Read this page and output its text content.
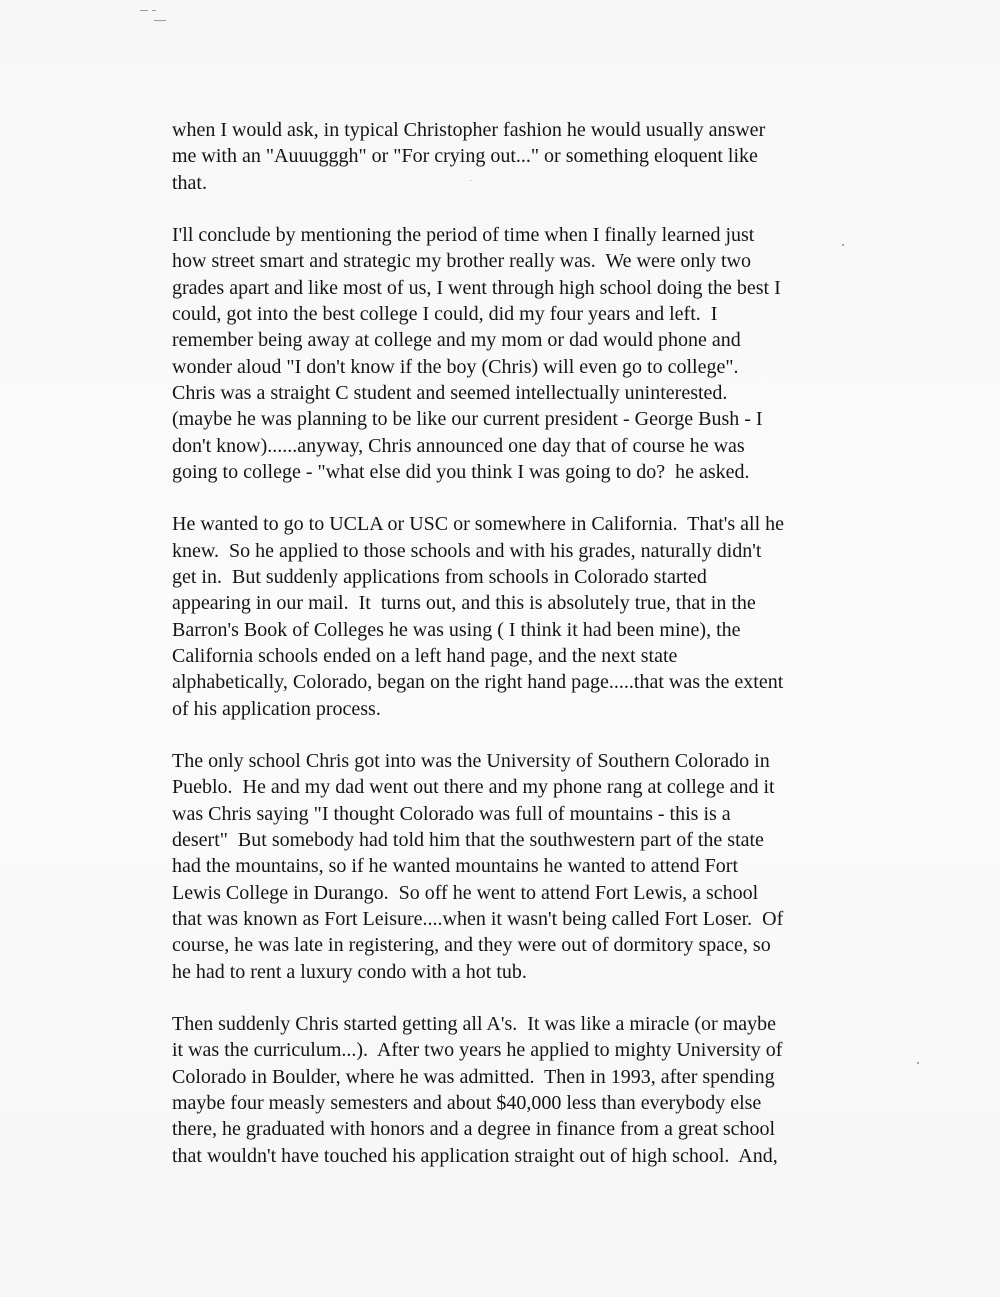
when I would ask, in typical Christopher fashion he would usually answer
me with an "Auuugggh" or "For crying out..." or something eloquent like
that.

I'll conclude by mentioning the period of time when I finally learned just
how street smart and strategic my brother really was.  We were only two
grades apart and like most of us, I went through high school doing the best I
could, got into the best college I could, did my four years and left.  I
remember being away at college and my mom or dad would phone and
wonder aloud "I don't know if the boy (Chris) will even go to college".
Chris was a straight C student and seemed intellectually uninterested.
(maybe he was planning to be like our current president - George Bush - I
don't know)......anyway, Chris announced one day that of course he was
going to college - "what else did you think I was going to do?  he asked.

He wanted to go to UCLA or USC or somewhere in California.  That's all he
knew.  So he applied to those schools and with his grades, naturally didn't
get in.  But suddenly applications from schools in Colorado started
appearing in our mail.  It  turns out, and this is absolutely true, that in the
Barron's Book of Colleges he was using ( I think it had been mine), the
California schools ended on a left hand page, and the next state
alphabetically, Colorado, began on the right hand page.....that was the extent
of his application process.

The only school Chris got into was the University of Southern Colorado in
Pueblo.  He and my dad went out there and my phone rang at college and it
was Chris saying "I thought Colorado was full of mountains - this is a
desert"  But somebody had told him that the southwestern part of the state
had the mountains, so if he wanted mountains he wanted to attend Fort
Lewis College in Durango.  So off he went to attend Fort Lewis, a school
that was known as Fort Leisure....when it wasn't being called Fort Loser.  Of
course, he was late in registering, and they were out of dormitory space, so
he had to rent a luxury condo with a hot tub.

Then suddenly Chris started getting all A's.  It was like a miracle (or maybe
it was the curriculum...).  After two years he applied to mighty University of
Colorado in Boulder, where he was admitted.  Then in 1993, after spending
maybe four measly semesters and about $40,000 less than everybody else
there, he graduated with honors and a degree in finance from a great school
that wouldn't have touched his application straight out of high school.  And,
